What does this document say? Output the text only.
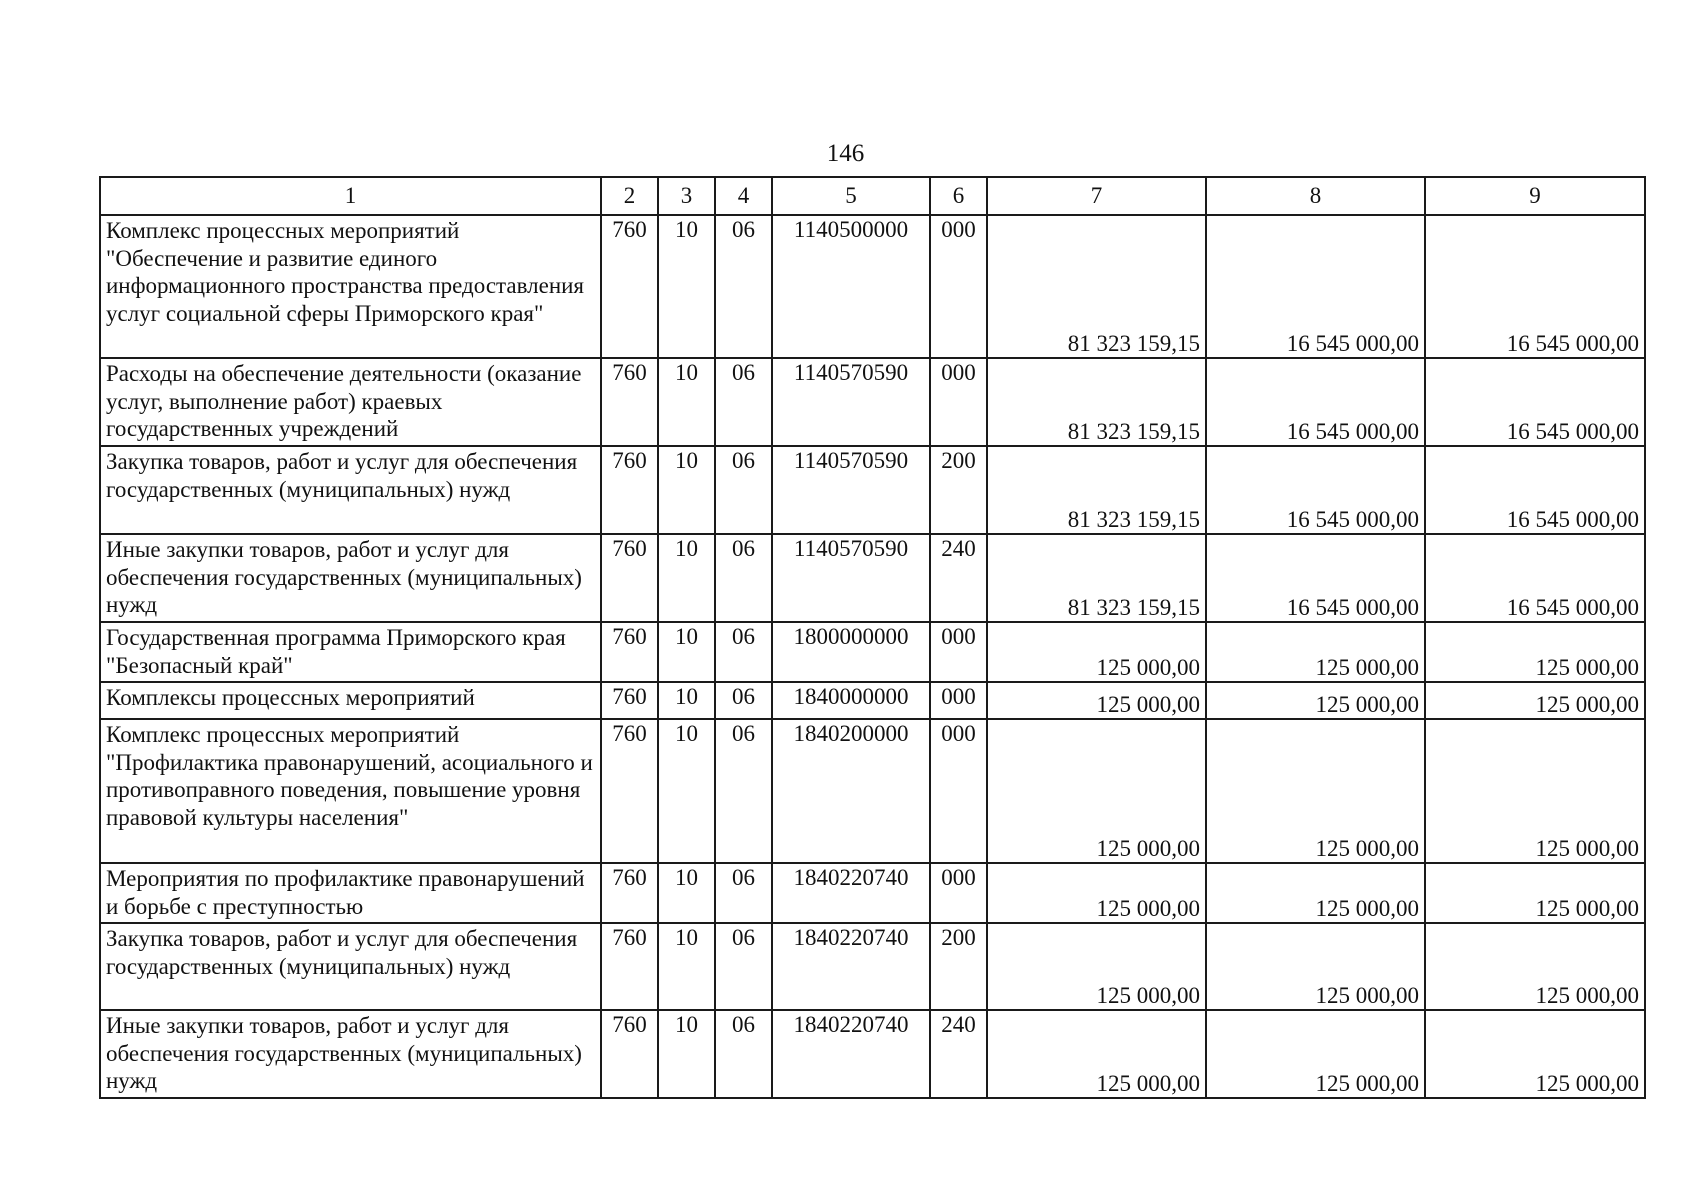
146
1	2	3	4	5	6	7	8	9

Комплекс процессных мероприятий "Обеспечение и развитие единого информационного пространства предоставления услуг социальной сферы Приморского края"	760	10	06	1140500000	000	81 323 159,15	16 545 000,00	16 545 000,00

Расходы на обеспечение деятельности (оказание услуг, выполнение работ) краевых государственных учреждений	760	10	06	1140570590	000	81 323 159,15	16 545 000,00	16 545 000,00

Закупка товаров, работ и услуг для обеспечения государственных (муниципальных) нужд	760	10	06	1140570590	200	81 323 159,15	16 545 000,00	16 545 000,00

Иные закупки товаров, работ и услуг для обеспечения государственных (муниципальных) нужд	760	10	06	1140570590	240	81 323 159,15	16 545 000,00	16 545 000,00

Государственная программа Приморского края "Безопасный край"	760	10	06	1800000000	000	125 000,00	125 000,00	125 000,00

Комплексы процессных мероприятий	760	10	06	1840000000	000	125 000,00	125 000,00	125 000,00

Комплекс процессных мероприятий "Профилактика правонарушений, асоциального и противоправного поведения, повышение уровня правовой культуры населения"	760	10	06	1840200000	000	125 000,00	125 000,00	125 000,00

Мероприятия по профилактике правонарушений и борьбе с преступностью	760	10	06	1840220740	000	125 000,00	125 000,00	125 000,00

Закупка товаров, работ и услуг для обеспечения государственных (муниципальных) нужд	760	10	06	1840220740	200	125 000,00	125 000,00	125 000,00

Иные закупки товаров, работ и услуг для обеспечения государственных (муниципальных) нужд	760	10	06	1840220740	240	125 000,00	125 000,00	125 000,00
